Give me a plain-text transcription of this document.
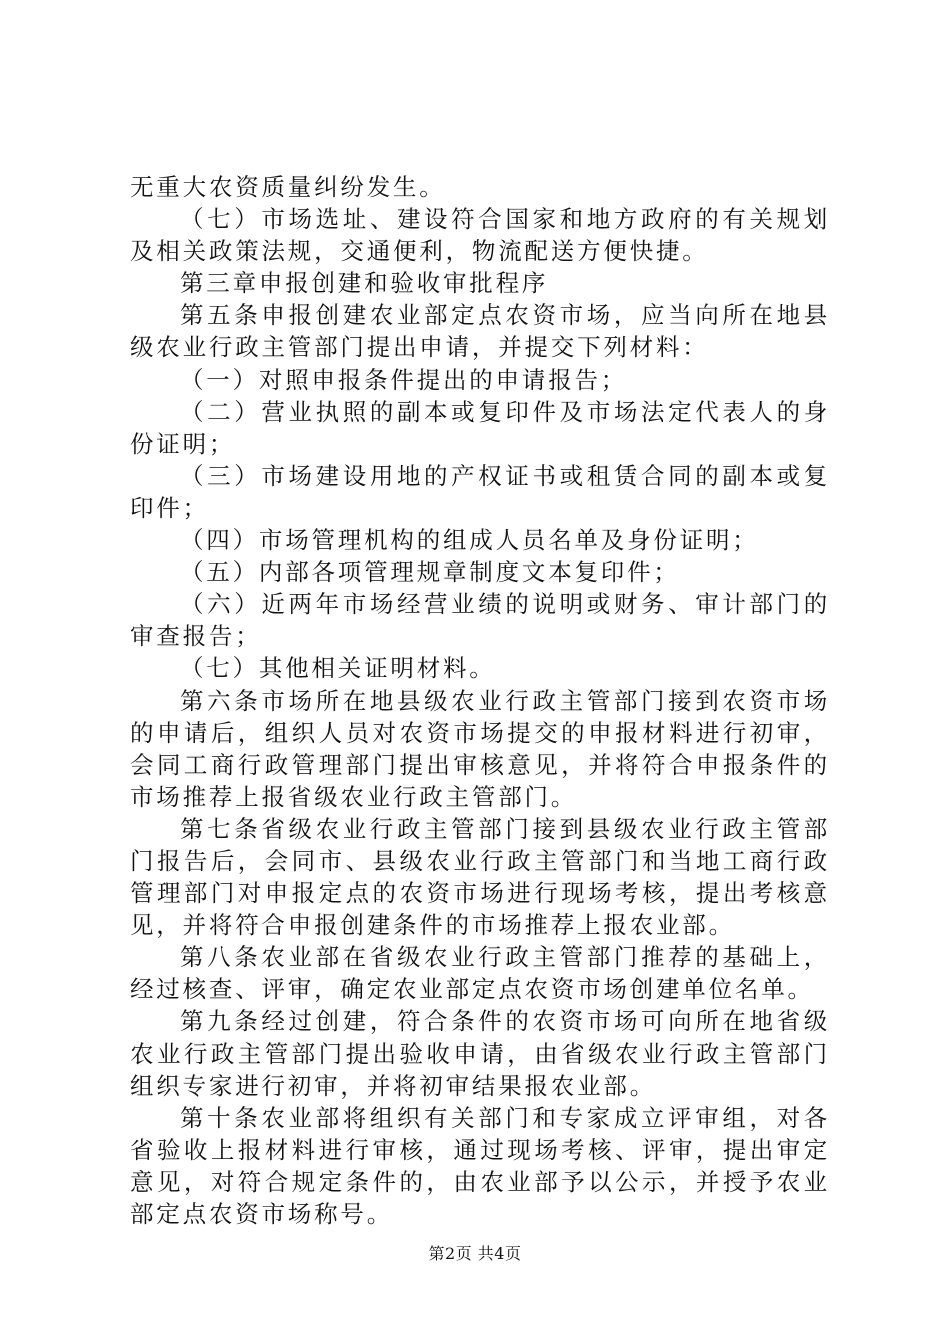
无重大农资质量纠纷发生。

（七）市场选址、建设符合国家和地方政府的有关规划及相关政策法规，交通便利，物流配送方便快捷。

第三章申报创建和验收审批程序

第五条申报创建农业部定点农资市场，应当向所在地县级农业行政主管部门提出申请，并提交下列材料：

（一）对照申报条件提出的申请报告；

（二）营业执照的副本或复印件及市场法定代表人的身份证明；

（三）市场建设用地的产权证书或租赁合同的副本或复印件；

（四）市场管理机构的组成人员名单及身份证明；

（五）内部各项管理规章制度文本复印件；

（六）近两年市场经营业绩的说明或财务、审计部门的审查报告；

（七）其他相关证明材料。

第六条市场所在地县级农业行政主管部门接到农资市场的申请后，组织人员对农资市场提交的申报材料进行初审，会同工商行政管理部门提出审核意见，并将符合申报条件的市场推荐上报省级农业行政主管部门。

第七条省级农业行政主管部门接到县级农业行政主管部门报告后，会同市、县级农业行政主管部门和当地工商行政管理部门对申报定点的农资市场进行现场考核，提出考核意见，并将符合申报创建条件的市场推荐上报农业部。

第八条农业部在省级农业行政主管部门推荐的基础上，经过核查、评审，确定农业部定点农资市场创建单位名单。

第九条经过创建，符合条件的农资市场可向所在地省级农业行政主管部门提出验收申请，由省级农业行政主管部门组织专家进行初审，并将初审结果报农业部。

第十条农业部将组织有关部门和专家成立评审组，对各省验收上报材料进行审核，通过现场考核、评审，提出审定意见，对符合规定条件的，由农业部予以公示，并授予农业部定点农资市场称号。

第2页 共4页
